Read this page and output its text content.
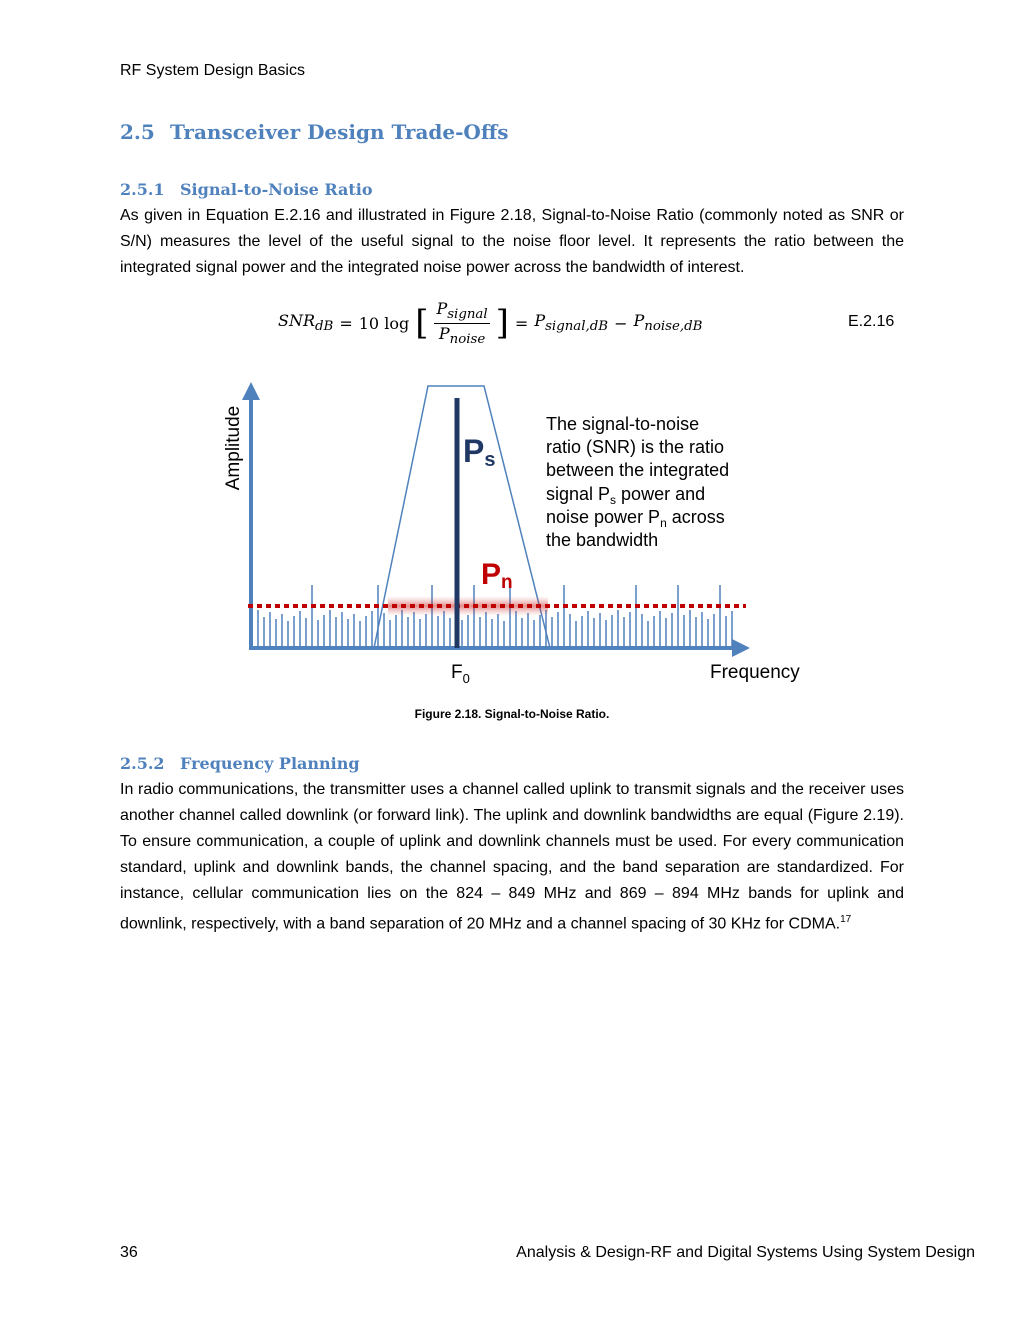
RF System Design Basics
2.5 Transceiver Design Trade-Offs
2.5.1 Signal-to-Noise Ratio

As given in Equation E.2.16 and illustrated in Figure 2.18, Signal-to-Noise Ratio (commonly noted as SNR or S/N) measures the level of the useful signal to the noise floor level. It represents the ratio between the integrated signal power and the integrated noise power across the bandwidth of interest.

$SNR_{dB} = 10$ log [ $\frac{P_{signal}}{P_{noise}}$ ] = $P_{signal,dB} - P_{noise,dB}$	E.2.16
Amplitude
Frequency
$F_0$
Ps
Pn
The signal-to-noise
ratio (SNR) is the ratio
between the integrated
signal $P_s$ power and
noise power $P_n$ across
the bandwidth
Figure 2.18. Signal-to-Noise Ratio.
2.5.2 Frequency Planning

In radio communications, the transmitter uses a channel called uplink to transmit signals and the receiver uses another channel called downlink (or forward link). The uplink and downlink bandwidths are equal (Figure 2.19). To ensure communication, a couple of uplink and downlink channels must be used. For every communication standard, uplink and downlink bands, the channel spacing, and the band separation are standardized. For instance, cellular communication lies on the 824 – 849 MHz and 869 – 894 MHz bands for uplink and downlink, respectively, with a band separation of 20 MHz and a channel spacing of 30 KHz for CDMA.$^{17}$

36	Analysis & Design-RF and Digital Systems Using System Design
